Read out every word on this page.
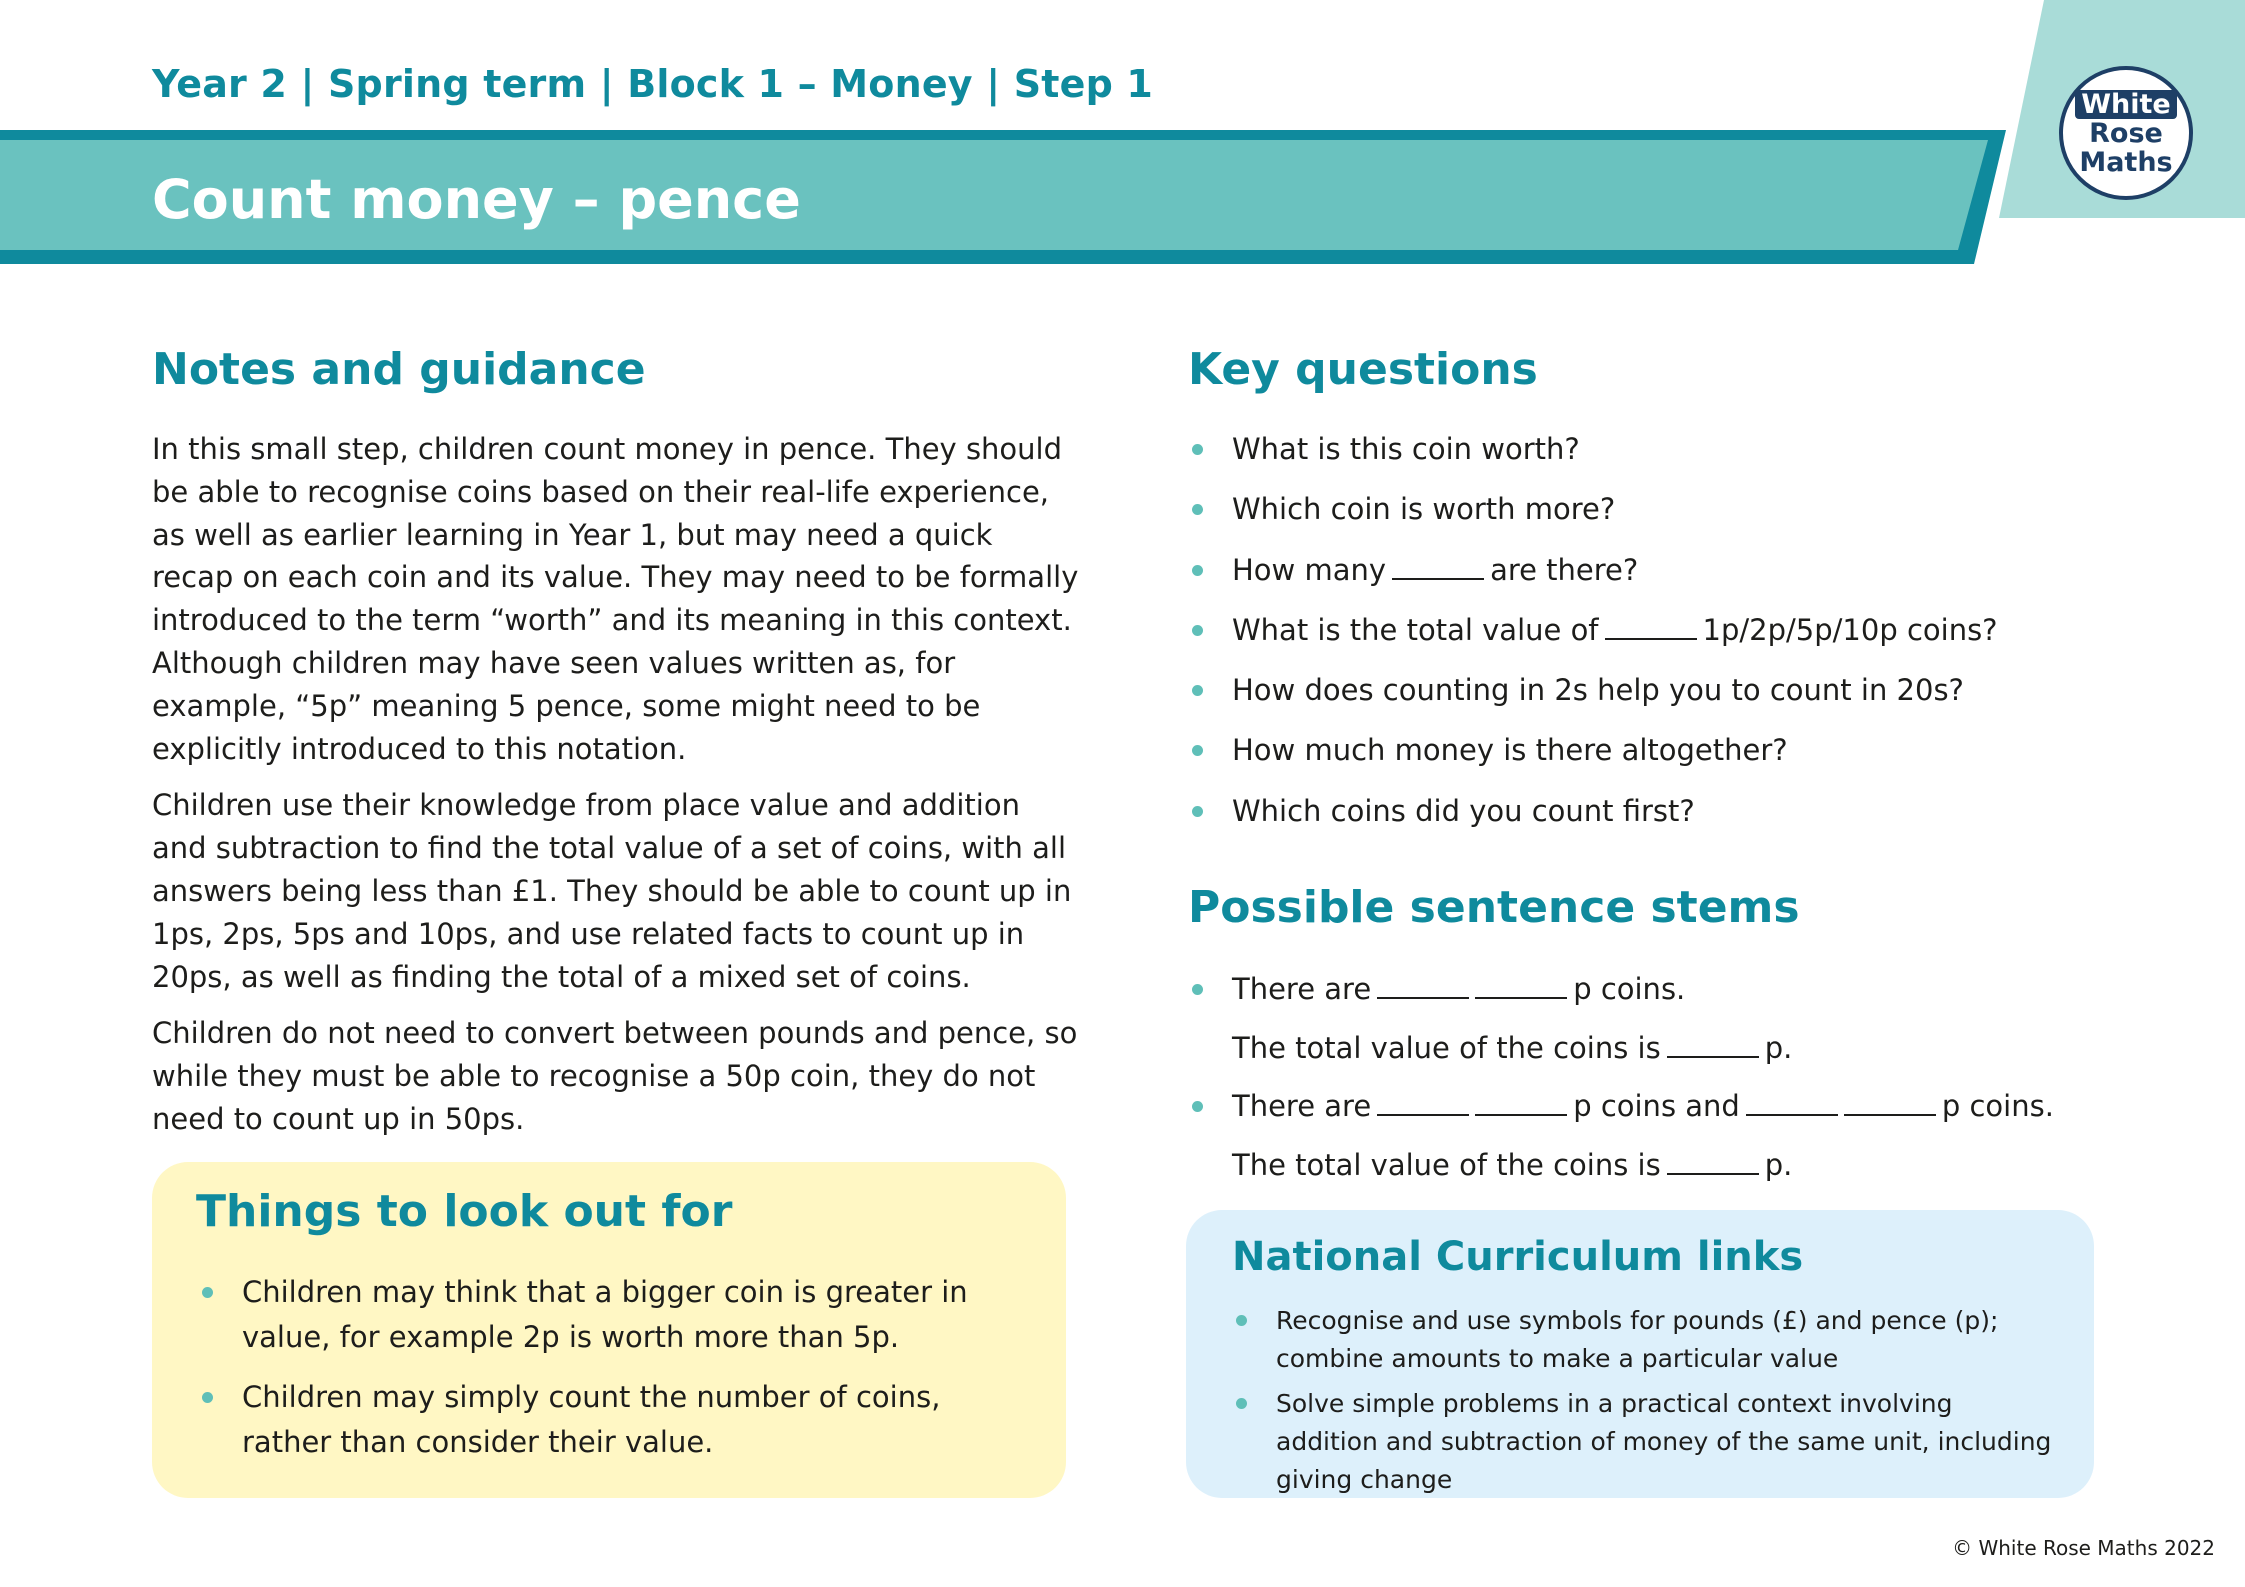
Year 2 | Spring term | Block 1 – Money | Step 1
Count money – pence
White
Rose
Maths
Notes and guidance

In this small step, children count money in pence. They should be able to recognise coins based on their real-life experience, as well as earlier learning in Year 1, but may need a quick recap on each coin and its value. They may need to be formally introduced to the term “worth” and its meaning in this context. Although children may have seen values written as, for example, “5p” meaning 5 pence, some might need to be explicitly introduced to this notation.

Children use their knowledge from place value and addition and subtraction to find the total value of a set of coins, with all answers being less than £1. They should be able to count up in 1ps, 2ps, 5ps and 10ps, and use related facts to count up in 20ps, as well as finding the total of a mixed set of coins.

Children do not need to convert between pounds and pence, so while they must be able to recognise a 50p coin, they do not need to count up in 50ps.

Things to look out for
Children may think that a bigger coin is greater in value, for example 2p is worth more than 5p.
Children may simply count the number of coins, rather than consider their value.
Key questions
What is this coin worth?
Which coin is worth more?
How many	are there?
What is the total value of	1p/2p/5p/10p coins?
How does counting in 2s help you to count in 20s?
How much money is there altogether?
Which coins did you count first?
Possible sentence stems
There are	p coins.
The total value of the coins is	p.
There are	p coins and	p coins.
The total value of the coins is	p.
National Curriculum links
Recognise and use symbols for pounds (£) and pence (p); combine amounts to make a particular value
Solve simple problems in a practical context involving addition and subtraction of money of the same unit, including giving change
© White Rose Maths 2022
